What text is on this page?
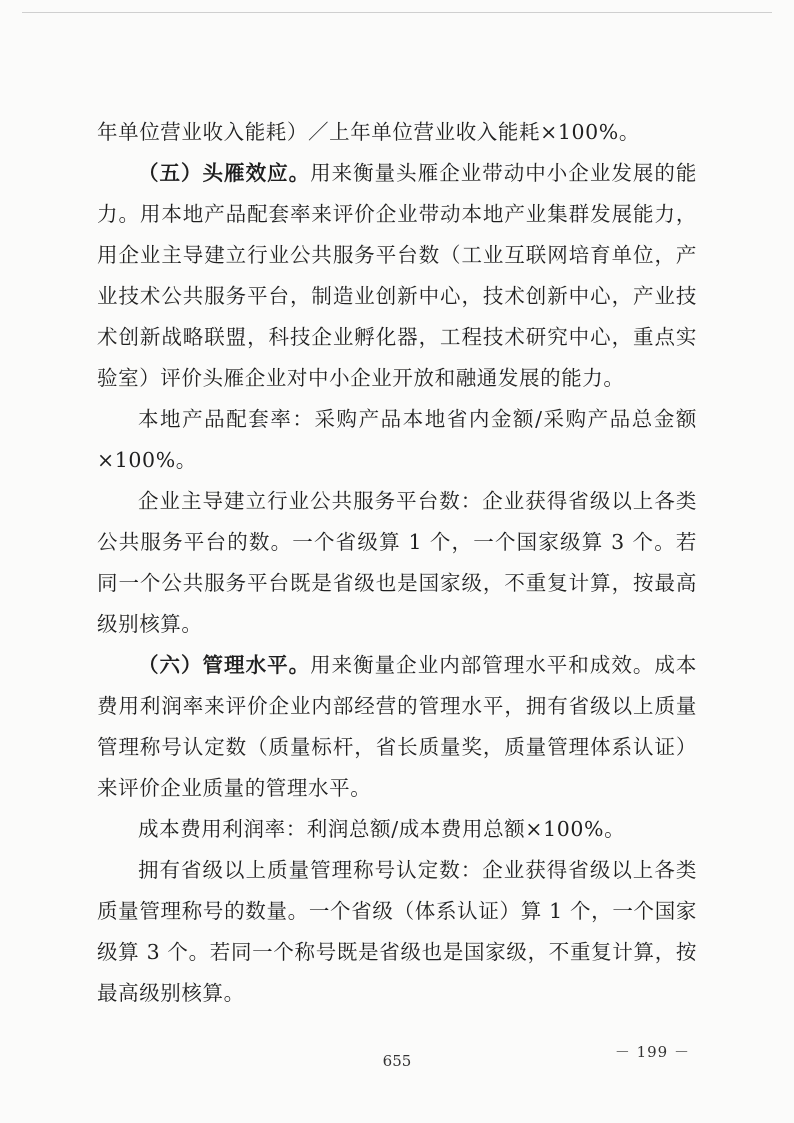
年单位营业收入能耗）／上年单位营业收入能耗×100%。

（五）头雁效应。用来衡量头雁企业带动中小企业发展的能力。用本地产品配套率来评价企业带动本地产业集群发展能力，用企业主导建立行业公共服务平台数（工业互联网培育单位，产业技术公共服务平台，制造业创新中心，技术创新中心，产业技术创新战略联盟，科技企业孵化器，工程技术研究中心，重点实验室）评价头雁企业对中小企业开放和融通发展的能力。

本地产品配套率：采购产品本地省内金额/采购产品总金额×100%。

企业主导建立行业公共服务平台数：企业获得省级以上各类公共服务平台的数。一个省级算 1 个，一个国家级算 3 个。若同一个公共服务平台既是省级也是国家级，不重复计算，按最高级别核算。

（六）管理水平。用来衡量企业内部管理水平和成效。成本费用利润率来评价企业内部经营的管理水平，拥有省级以上质量管理称号认定数（质量标杆，省长质量奖，质量管理体系认证）来评价企业质量的管理水平。

成本费用利润率：利润总额/成本费用总额×100%。

拥有省级以上质量管理称号认定数：企业获得省级以上各类质量管理称号的数量。一个省级（体系认证）算 1 个，一个国家级算 3 个。若同一个称号既是省级也是国家级，不重复计算，按最高级别核算。

－ 199 －
655
